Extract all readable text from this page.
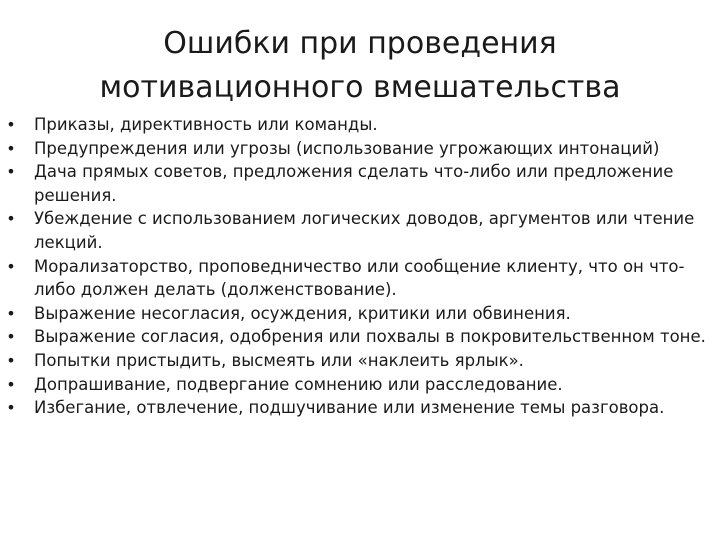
Ошибки при проведения
мотивационного вмешательства
• Приказы, директивность или команды.
• Предупреждения или угрозы (использование угрожающих интонаций)
• Дача прямых советов, предложения сделать что-либо или предложение решения.
• Убеждение с использованием логических доводов, аргументов или чтение лекций.
• Морализаторство, проповедничество или сообщение клиенту, что он что-либо должен делать (долженствование).
• Выражение несогласия, осуждения, критики или обвинения.
• Выражение согласия, одобрения или похвалы в покровительственном тоне.
• Попытки пристыдить, высмеять или «наклеить ярлык».
• Допрашивание, подвергание сомнению или расследование.
• Избегание, отвлечение, подшучивание или изменение темы разговора.
